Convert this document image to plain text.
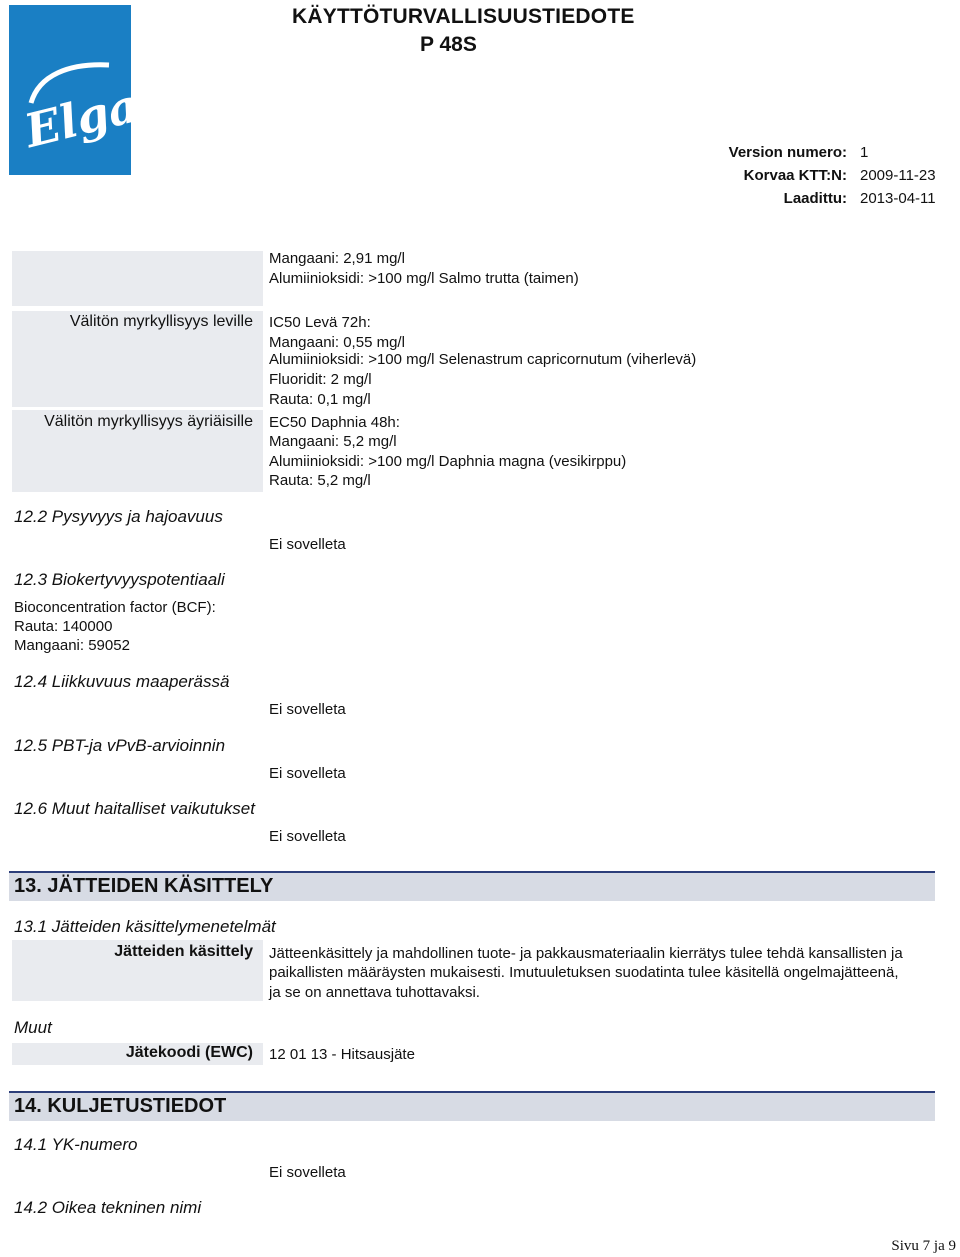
Elga
KÄYTTÖTURVALLISUUSTIEDOTE
P 48S
Version numero: 1
Korvaa KTT:N: 2009-11-23
Laadittu: 2013-04-11
Mangaani: 2,91 mg/l
Alumiinioksidi: >100 mg/l Salmo trutta (taimen)
Välitön myrkyllisyys leville IC50 Levä 72h:
Mangaani: 0,55 mg/l
Alumiinioksidi: >100 mg/l Selenastrum capricornutum (viherlevä)
Fluoridit: 2 mg/l
Rauta: 0,1 mg/l
Välitön myrkyllisyys äyriäisille EC50 Daphnia 48h:
Mangaani: 5,2 mg/l
Alumiinioksidi: >100 mg/l Daphnia magna (vesikirppu)
Rauta: 5,2 mg/l
12.2 Pysyvyys ja hajoavuus
Ei sovelleta
12.3 Biokertyvyyspotentiaali
Bioconcentration factor (BCF):
Rauta: 140000
Mangaani: 59052
12.4 Liikkuvuus maaperässä
Ei sovelleta
12.5 PBT-ja vPvB-arvioinnin
Ei sovelleta
12.6 Muut haitalliset vaikutukset
Ei sovelleta
13. JÄTTEIDEN KÄSITTELY
13.1 Jätteiden käsittelymenetelmät
Jätteiden käsittely Jätteenkäsittely ja mahdollinen tuote- ja pakkausmateriaalin kierrätys tulee tehdä kansallisten ja
paikallisten määräysten mukaisesti. Imutuuletuksen suodatinta tulee käsitellä ongelmajätteenä,
ja se on annettava tuhottavaksi.
Muut
Jätekoodi (EWC) 12 01 13 - Hitsausjäte
14. KULJETUSTIEDOT
14.1 YK-numero
Ei sovelleta
14.2 Oikea tekninen nimi
Sivu 7 ja 9
